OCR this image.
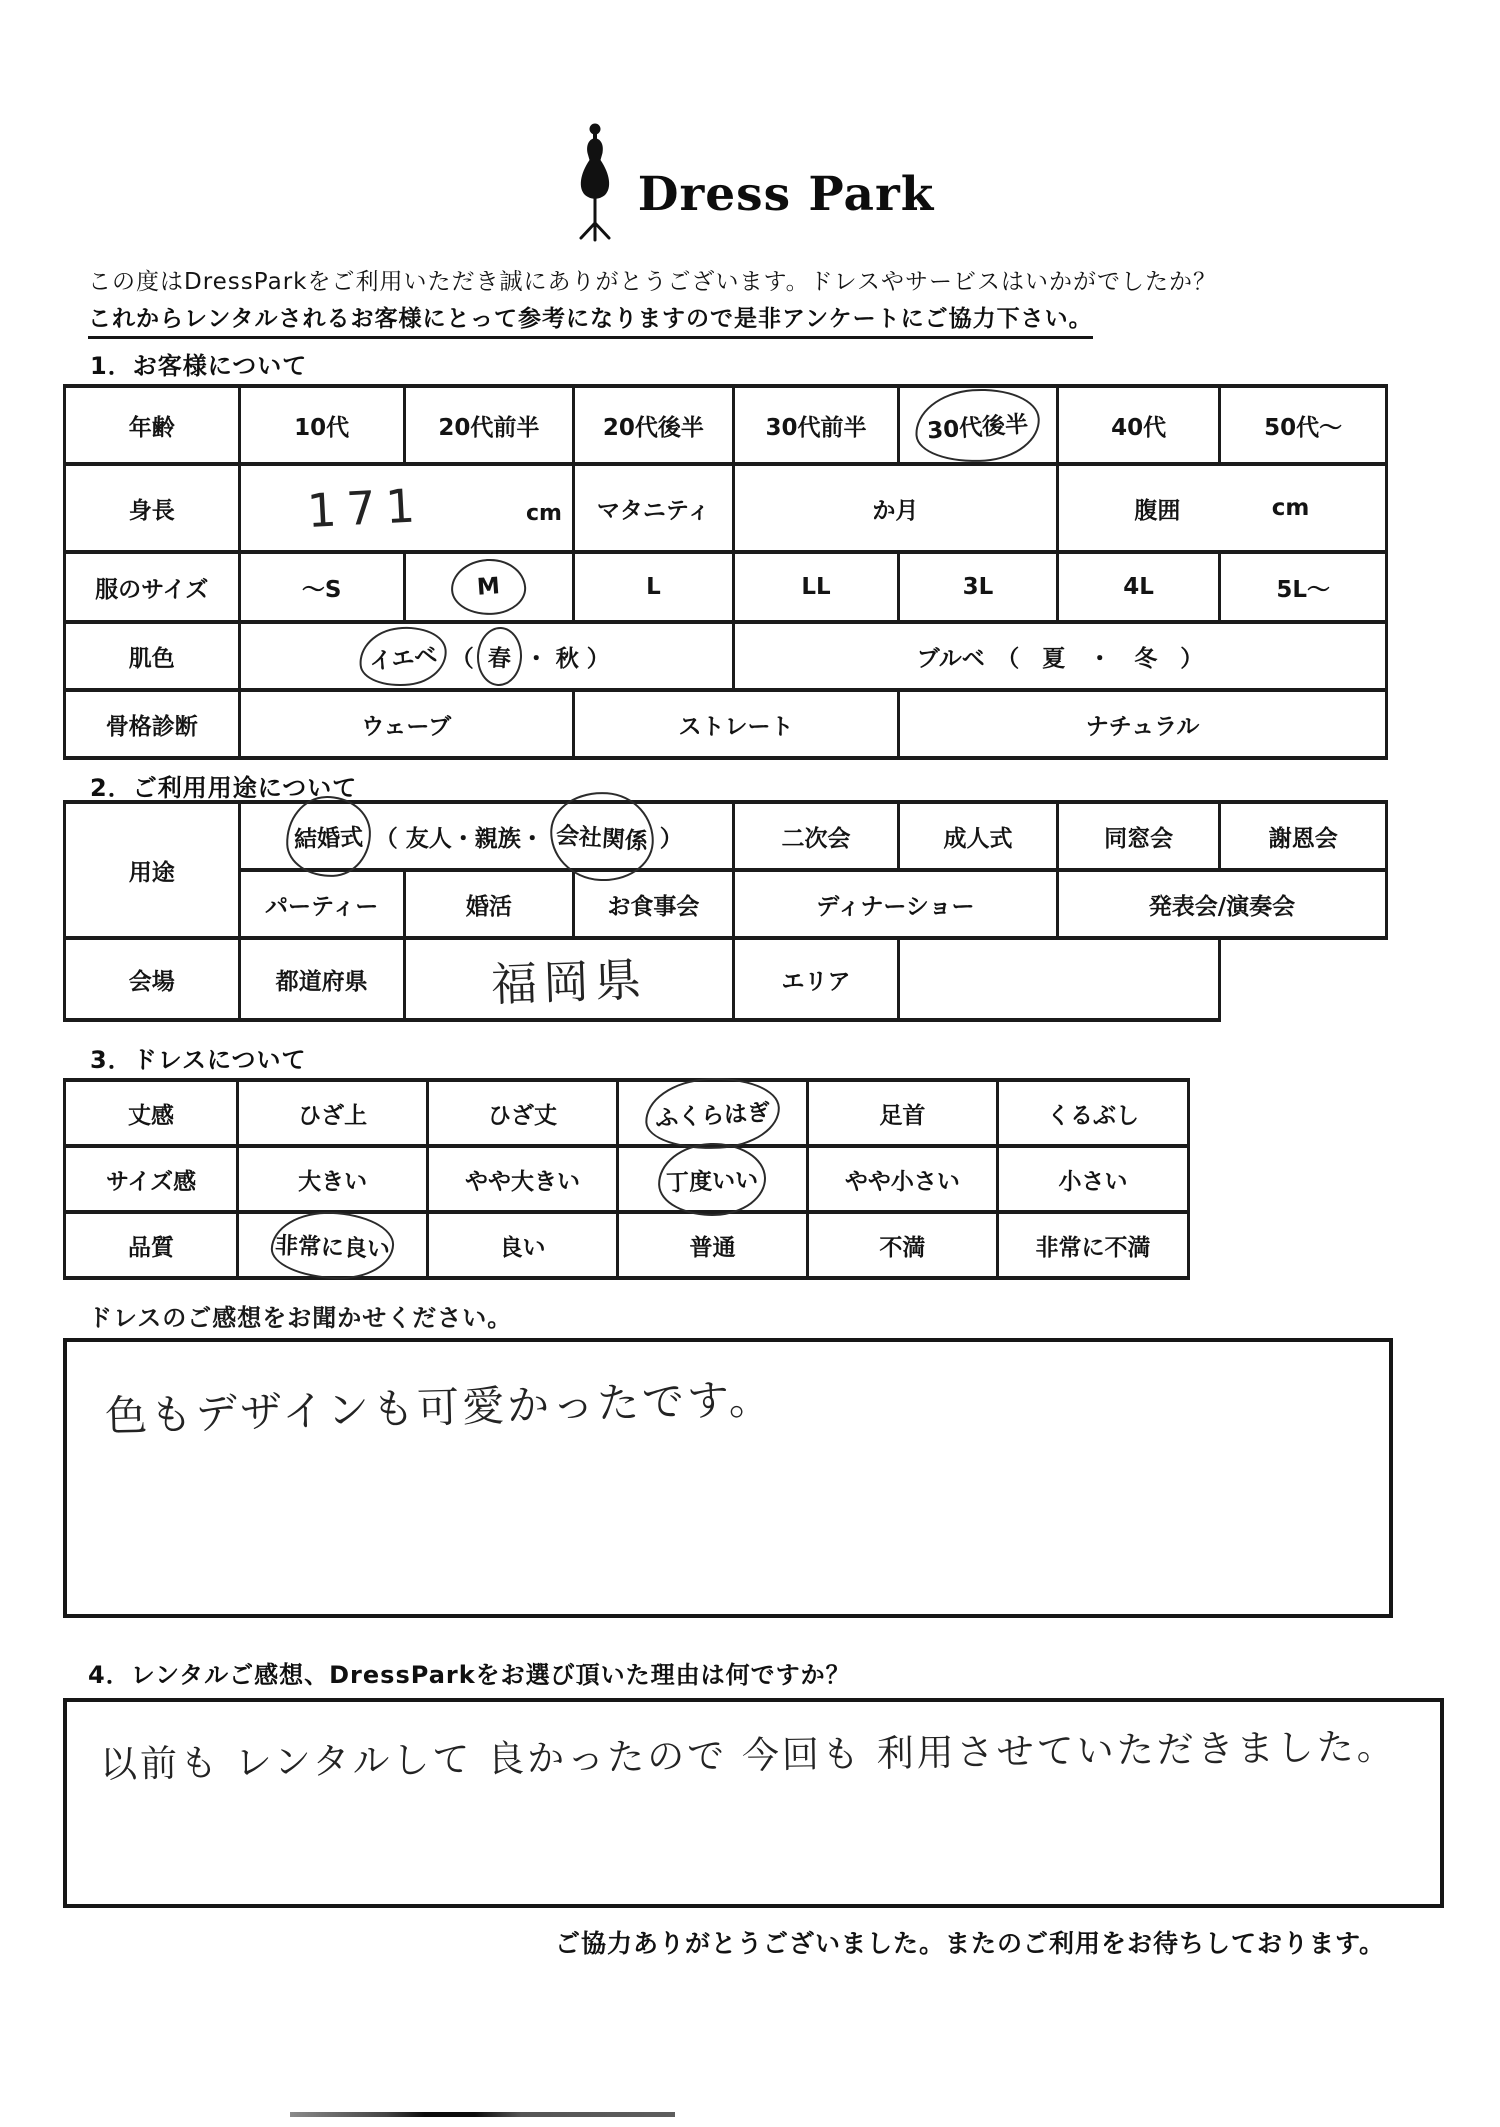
Dress Park
この度はDressParkをご利用いただき誠にありがとうございます。ドレスやサービスはいかがでしたか？
これからレンタルされるお客様にとって参考になりますので是非アンケートにご協力下さい。
1．お客様について
年齢	10代	20代前半	20代後半	30代前半	30代後半	40代	50代〜
身長	171 cm		マタニティ	か月		腹囲 cm	

服のサイズ	〜S	M	L	LL	3L	4L	5L〜
肌色	イエベ （ 春 ・ 秋 ）			ブルベ　（　夏　・　冬　）			
骨格診断	ウェーブ		ストレート		ナチュラル		
2．ご利用用途について
用途	結婚式 （ 友人・親族・ 会社関係 ）			二次会	成人式	同窓会	謝恩会
	パーティー	婚活	お食事会	ディナーショー		発表会/演奏会	
会場	都道府県	福岡県		エリア			
3．ドレスについて
丈感	ひざ上	ひざ丈	ふくらはぎ	足首	くるぶし
サイズ感	大きい	やや大きい	丁度いい	やや小さい	小さい
品質	非常に良い	良い	普通	不満	非常に不満
ドレスのご感想をお聞かせください。
色もデザインも可愛かったです。
4．レンタルご感想、DressParkをお選び頂いた理由は何ですか？
以前も レンタルして 良かったので 今回も 利用させていただきました。
ご協力ありがとうございました。またのご利用をお待ちしております。
